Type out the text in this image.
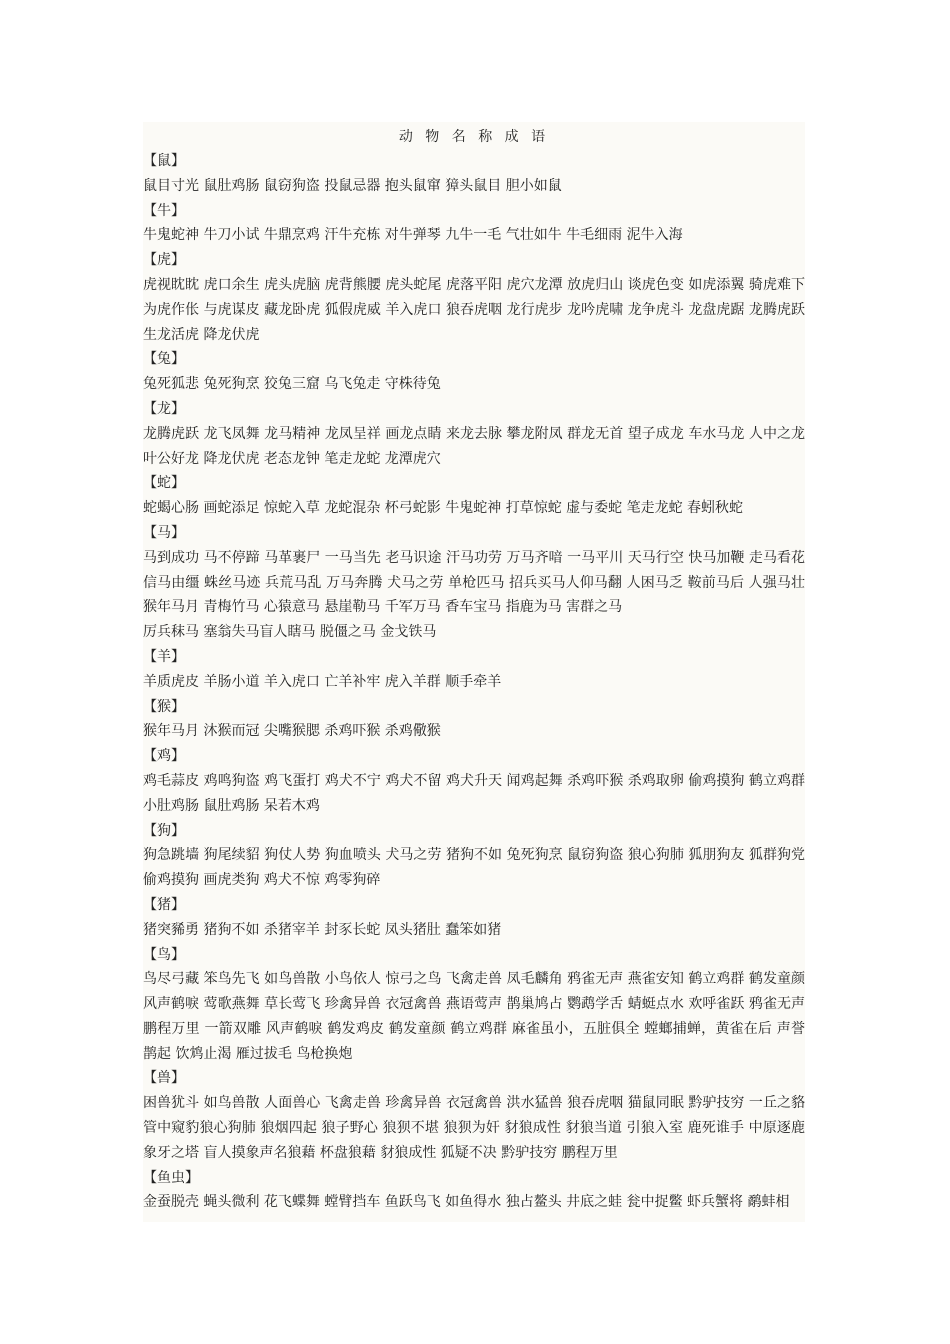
动 物 名 称 成 语

【鼠】

鼠目寸光 鼠肚鸡肠 鼠窃狗盗 投鼠忌器 抱头鼠窜 獐头鼠目 胆小如鼠

【牛】

牛鬼蛇神 牛刀小试 牛鼎烹鸡 汗牛充栋 对牛弹琴 九牛一毛 气壮如牛 牛毛细雨 泥牛入海

【虎】

虎视眈眈 虎口余生 虎头虎脑 虎背熊腰 虎头蛇尾 虎落平阳 虎穴龙潭 放虎归山 谈虎色变 如虎添翼 骑虎难下 为虎作伥 与虎谋皮 藏龙卧虎 狐假虎威 羊入虎口 狼吞虎咽 龙行虎步 龙吟虎啸 龙争虎斗 龙盘虎踞 龙腾虎跃 生龙活虎 降龙伏虎

【兔】

兔死狐悲 兔死狗烹 狡兔三窟 乌飞兔走 守株待兔

【龙】

龙腾虎跃 龙飞凤舞 龙马精神 龙凤呈祥 画龙点睛 来龙去脉 攀龙附凤 群龙无首 望子成龙 车水马龙 人中之龙 叶公好龙 降龙伏虎 老态龙钟 笔走龙蛇 龙潭虎穴

【蛇】

蛇蝎心肠 画蛇添足 惊蛇入草 龙蛇混杂 杯弓蛇影 牛鬼蛇神 打草惊蛇 虚与委蛇 笔走龙蛇 春蚓秋蛇

【马】

马到成功 马不停蹄 马革裹尸 一马当先 老马识途 汗马功劳 万马齐喑 一马平川 天马行空 快马加鞭 走马看花 信马由缰 蛛丝马迹 兵荒马乱 万马奔腾 犬马之劳 单枪匹马 招兵买马人仰马翻 人困马乏 鞍前马后 人强马壮 猴年马月 青梅竹马 心猿意马 悬崖勒马 千军万马 香车宝马 指鹿为马 害群之马

厉兵秣马 塞翁失马盲人瞎马 脱僵之马 金戈铁马

【羊】

羊质虎皮 羊肠小道 羊入虎口 亡羊补牢 虎入羊群 顺手牵羊

【猴】

猴年马月 沐猴而冠 尖嘴猴腮 杀鸡吓猴 杀鸡儆猴

【鸡】

鸡毛蒜皮 鸡鸣狗盗 鸡飞蛋打 鸡犬不宁 鸡犬不留 鸡犬升天 闻鸡起舞 杀鸡吓猴 杀鸡取卵 偷鸡摸狗 鹤立鸡群 小肚鸡肠 鼠肚鸡肠 呆若木鸡

【狗】

狗急跳墙 狗尾续貂 狗仗人势 狗血喷头 犬马之劳 猪狗不如 兔死狗烹 鼠窃狗盗 狼心狗肺 狐朋狗友 狐群狗党 偷鸡摸狗 画虎类狗 鸡犬不惊 鸡零狗碎

【猪】

猪突豨勇 猪狗不如 杀猪宰羊 封豕长蛇 凤头猪肚 蠢笨如猪

【鸟】

鸟尽弓藏 笨鸟先飞 如鸟兽散 小鸟依人 惊弓之鸟 飞禽走兽 凤毛麟角 鸦雀无声 燕雀安知 鹤立鸡群 鹤发童颜 风声鹤唳 莺歌燕舞 草长莺飞 珍禽异兽 衣冠禽兽 燕语莺声 鹊巢鸠占 鹦鹉学舌 蜻蜓点水 欢呼雀跃 鸦雀无声 鹏程万里 一箭双雕 风声鹤唳 鹤发鸡皮 鹤发童颜 鹤立鸡群 麻雀虽小，五脏俱全 螳螂捕蝉，黄雀在后 声誉鹊起 饮鸩止渴 雁过拔毛 鸟枪换炮

【兽】

困兽犹斗 如鸟兽散 人面兽心 飞禽走兽 珍禽异兽 衣冠禽兽 洪水猛兽 狼吞虎咽 猫鼠同眠 黔驴技穷 一丘之貉 管中窥豹狼心狗肺 狼烟四起 狼子野心 狼狈不堪 狼狈为奸 豺狼成性 豺狼当道 引狼入室 鹿死谁手 中原逐鹿 象牙之塔 盲人摸象声名狼藉 杯盘狼藉 豺狼成性 狐疑不决 黔驴技穷 鹏程万里

【鱼虫】

金蚕脱壳 蝇头微利 花飞蝶舞 螳臂挡车 鱼跃鸟飞 如鱼得水 独占鳌头 井底之蛙 瓮中捉鳖 虾兵蟹将 鹬蚌相
